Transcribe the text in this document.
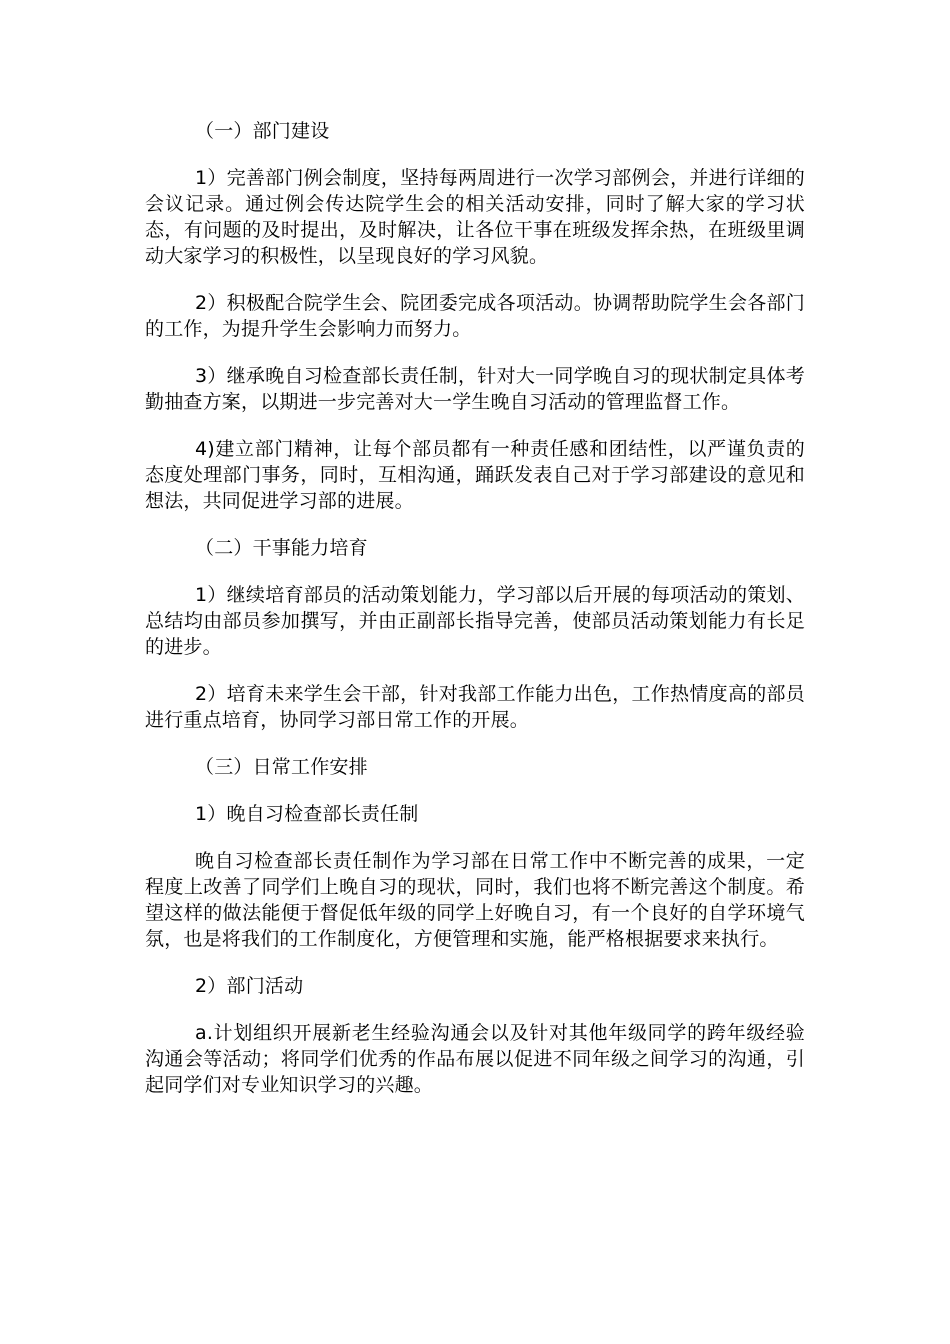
（一）部门建设

1）完善部门例会制度，坚持每两周进行一次学习部例会，并进行详细的会议记录。通过例会传达院学生会的相关活动安排，同时了解大家的学习状态，有问题的及时提出，及时解决，让各位干事在班级发挥余热，在班级里调动大家学习的积极性，以呈现良好的学习风貌。

2）积极配合院学生会、院团委完成各项活动。协调帮助院学生会各部门的工作，为提升学生会影响力而努力。

3）继承晚自习检查部长责任制，针对大一同学晚自习的现状制定具体考勤抽查方案，以期进一步完善对大一学生晚自习活动的管理监督工作。

4)建立部门精神，让每个部员都有一种责任感和团结性，以严谨负责的态度处理部门事务，同时，互相沟通，踊跃发表自己对于学习部建设的意见和想法，共同促进学习部的进展。

（二）干事能力培育

1）继续培育部员的活动策划能力，学习部以后开展的每项活动的策划、总结均由部员参加撰写，并由正副部长指导完善，使部员活动策划能力有长足的进步。

2）培育未来学生会干部，针对我部工作能力出色，工作热情度高的部员进行重点培育，协同学习部日常工作的开展。

（三）日常工作安排

1）晚自习检查部长责任制

晚自习检查部长责任制作为学习部在日常工作中不断完善的成果，一定程度上改善了同学们上晚自习的现状，同时，我们也将不断完善这个制度。希望这样的做法能便于督促低年级的同学上好晚自习，有一个良好的自学环境气氛，也是将我们的工作制度化，方便管理和实施，能严格根据要求来执行。

2）部门活动

a.计划组织开展新老生经验沟通会以及针对其他年级同学的跨年级经验沟通会等活动；将同学们优秀的作品布展以促进不同年级之间学习的沟通，引起同学们对专业知识学习的兴趣。
